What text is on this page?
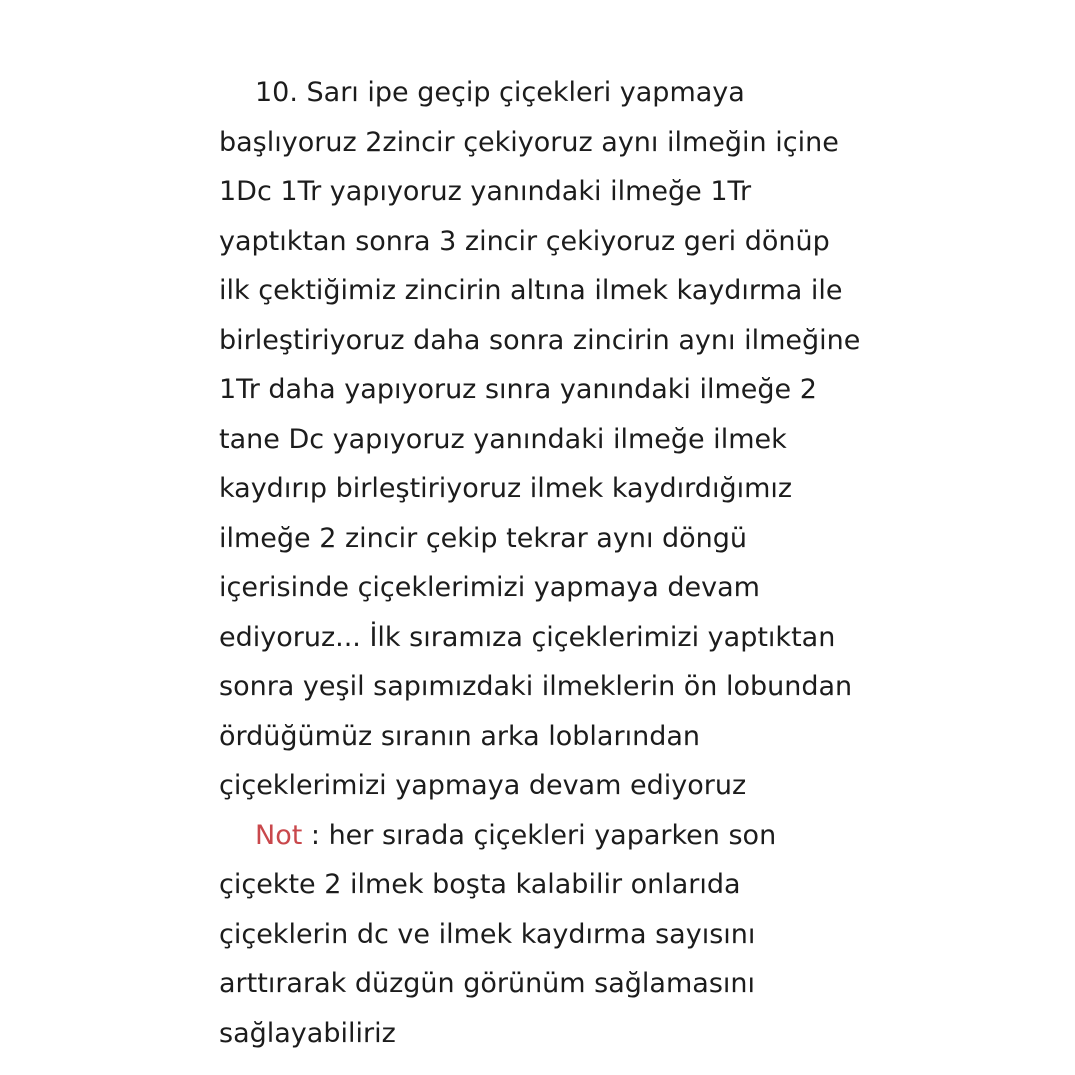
10. Sarı ipe geçip çiçekleri yapmaya
başlıyoruz 2zincir çekiyoruz aynı ilmeğin içine
1Dc 1Tr yapıyoruz yanındaki ilmeğe 1Tr
yaptıktan sonra 3 zincir çekiyoruz geri dönüp
ilk çektiğimiz zincirin altına ilmek kaydırma ile
birleştiriyoruz daha sonra zincirin aynı ilmeğine
1Tr daha yapıyoruz sınra yanındaki ilmeğe 2
tane Dc yapıyoruz yanındaki ilmeğe ilmek
kaydırıp birleştiriyoruz ilmek kaydırdığımız
ilmeğe 2 zincir çekip tekrar aynı döngü
içerisinde çiçeklerimizi yapmaya devam
ediyoruz... İlk sıramıza çiçeklerimizi yaptıktan
sonra yeşil sapımızdaki ilmeklerin ön lobundan
ördüğümüz sıranın arka loblarından
çiçeklerimizi yapmaya devam ediyoruz
Not : her sırada çiçekleri yaparken son
çiçekte 2 ilmek boşta kalabilir onlarıda
çiçeklerin dc ve ilmek kaydırma sayısını
arttırarak düzgün görünüm sağlamasını
sağlayabiliriz
